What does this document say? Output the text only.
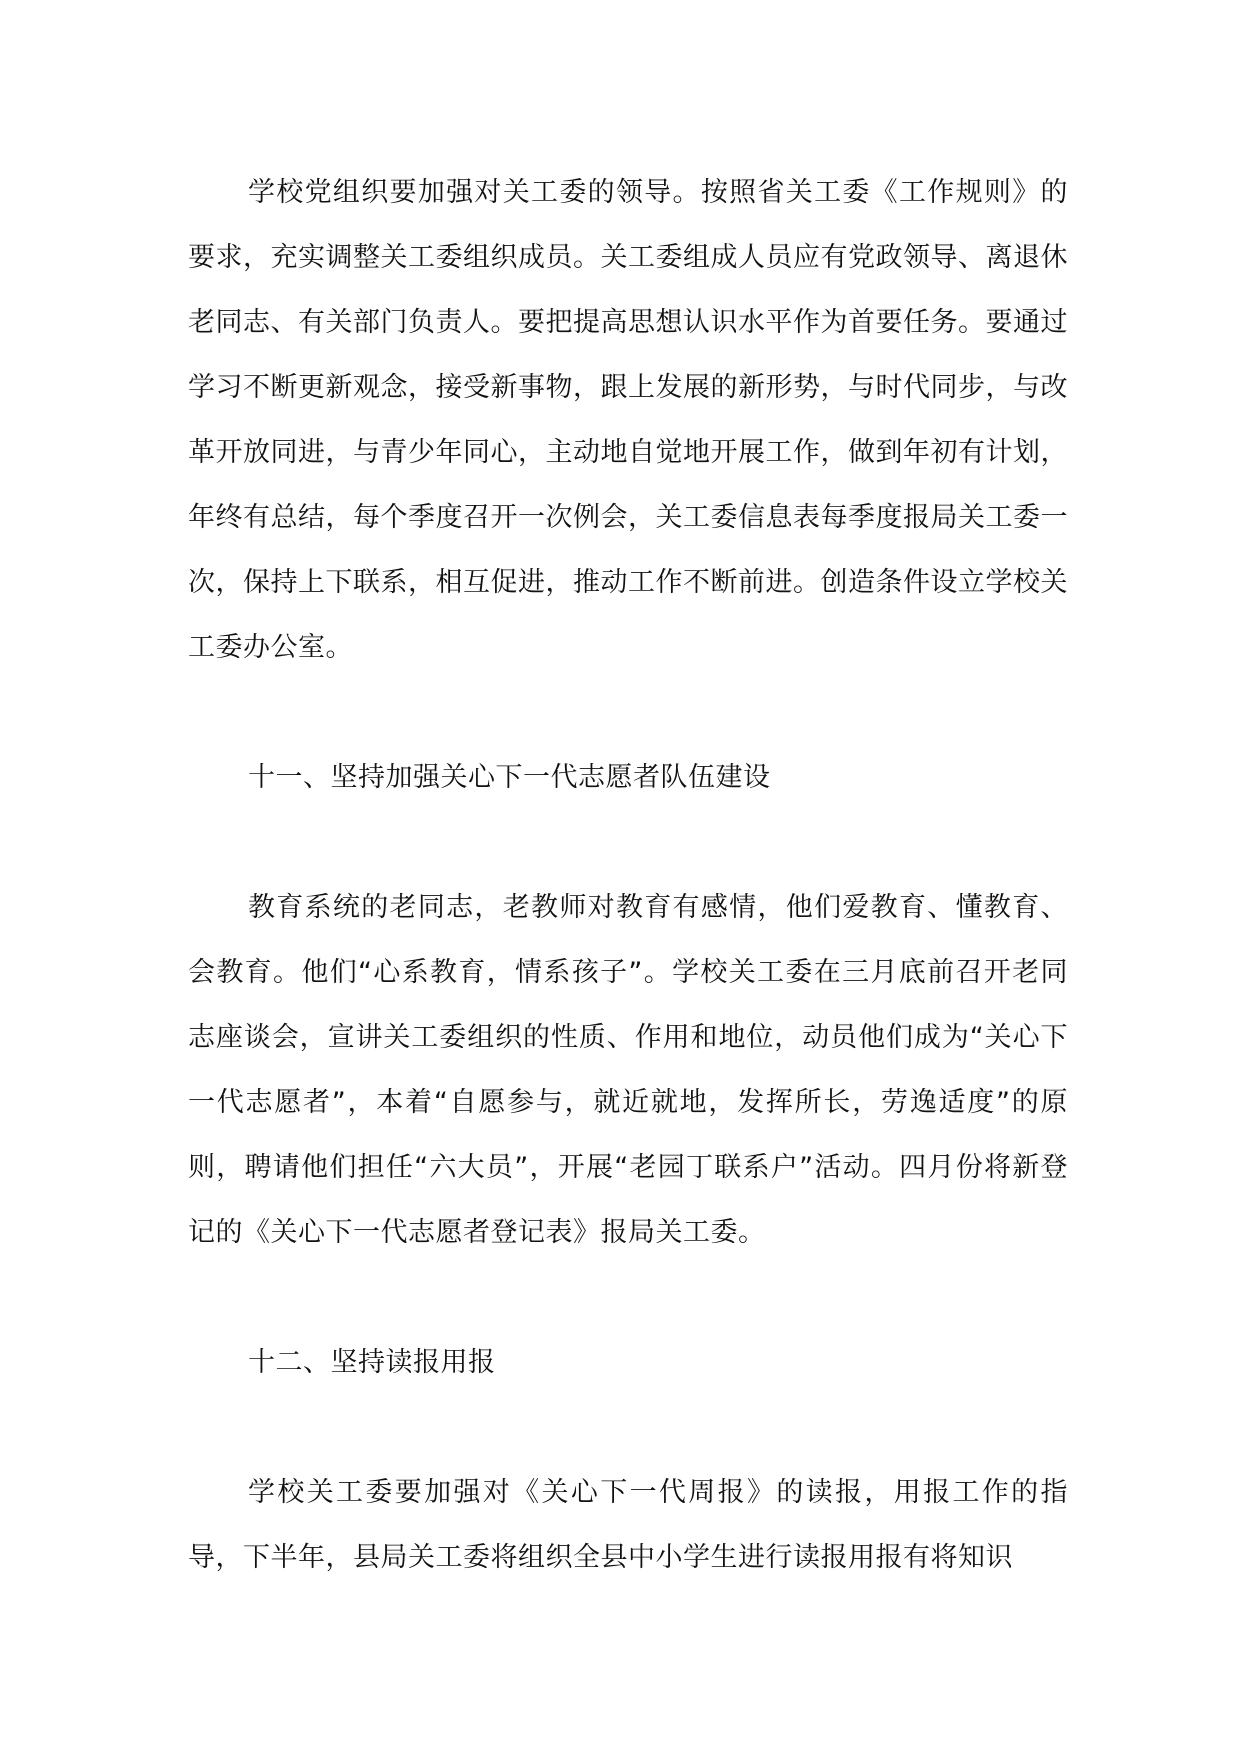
学校党组织要加强对关工委的领导。按照省关工委《工作规则》的要求，充实调整关工委组织成员。关工委组成人员应有党政领导、离退休老同志、有关部门负责人。要把提高思想认识水平作为首要任务。要通过学习不断更新观念，接受新事物，跟上发展的新形势，与时代同步，与改革开放同进，与青少年同心，主动地自觉地开展工作，做到年初有计划，年终有总结，每个季度召开一次例会，关工委信息表每季度报局关工委一次，保持上下联系，相互促进，推动工作不断前进。创造条件设立学校关工委办公室。

十一、坚持加强关心下一代志愿者队伍建设

教育系统的老同志，老教师对教育有感情，他们爱教育、懂教育、会教育。他们“心系教育，情系孩子”。学校关工委在三月底前召开老同志座谈会，宣讲关工委组织的性质、作用和地位，动员他们成为“关心下一代志愿者”，本着“自愿参与，就近就地，发挥所长，劳逸适度”的原则，聘请他们担任“六大员”，开展“老园丁联系户”活动。四月份将新登记的《关心下一代志愿者登记表》报局关工委。

十二、坚持读报用报

学校关工委要加强对《关心下一代周报》的读报，用报工作的指导，下半年，县局关工委将组织全县中小学生进行读报用报有将知识
